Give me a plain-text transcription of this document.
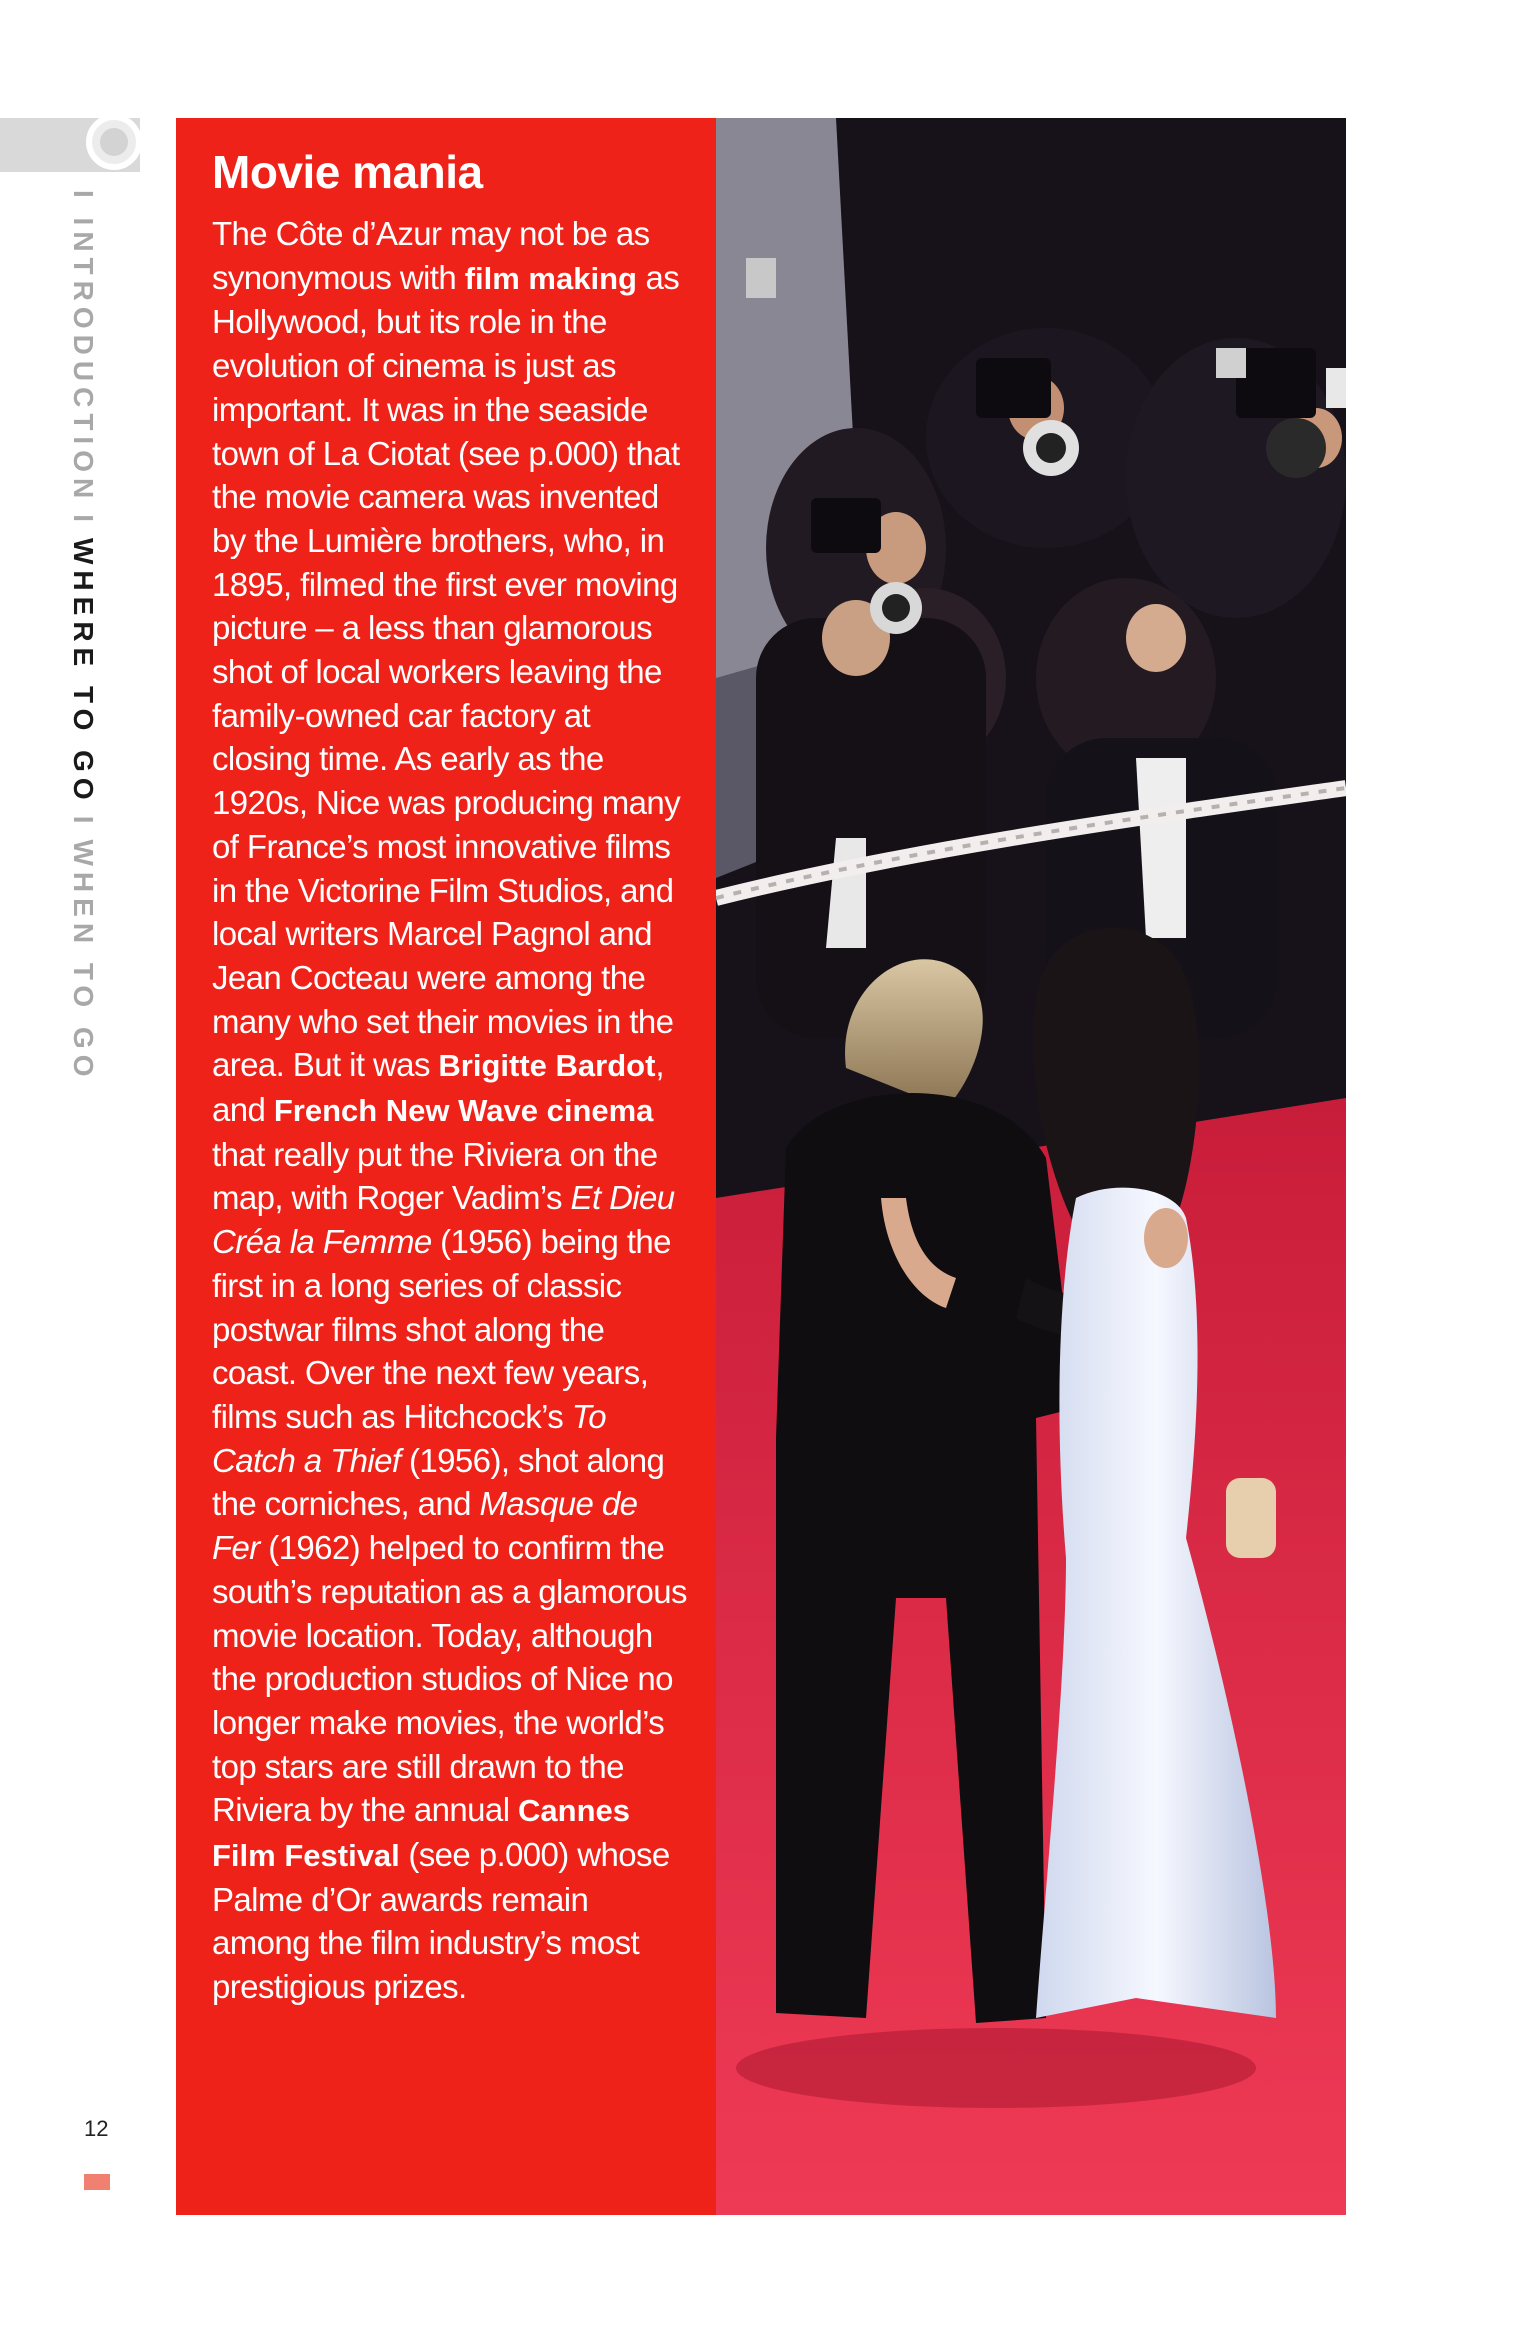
I INTRODUCTIONIWHERE TO GOIWHEN TO GO
12
Movie mania
The Côte d’Azur may not be as synonymous with film making as Hollywood, but its role in the evolution of cinema is just as important. It was in the seaside town of La Ciotat (see p.000) that the movie camera was invented by the Lumière brothers, who, in 1895, filmed the first ever moving picture – a less than glamorous shot of local workers leaving the family-owned car factory at closing time. As early as the 1920s, Nice was producing many of France’s most innovative films in the Victorine Film Studios, and local writers Marcel Pagnol and Jean Cocteau were among the many who set their movies in the area. But it was Brigitte Bardot, and French New Wave cinema that really put the Riviera on the map, with Roger Vadim’s Et Dieu Créa la Femme (1956) being the first in a long series of classic postwar films shot along the coast. Over the next few years, films such as Hitchcock’s To Catch a Thief (1956), shot along the corniches, and Masque de Fer (1962) helped to confirm the south’s reputation as a glamorous movie location. Today, although the production studios of Nice no longer make movies, the world’s top stars are still drawn to the Riviera by the annual Cannes Film Festival (see p.000) whose Palme d’Or awards remain among the film industry’s most prestigious prizes.
